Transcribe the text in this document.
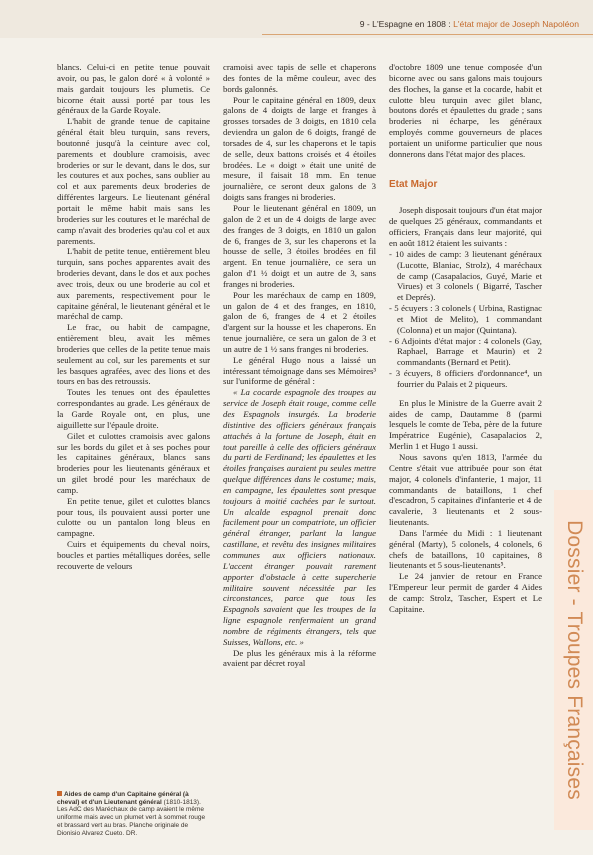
9 - L'Espagne en 1808 : L'état major de Joseph Napoléon
Dossier - Troupes Françaises

blancs. Celui-ci en petite tenue pouvait avoir, ou pas, le galon doré « à volonté » mais gardait toujours les plumetis. Ce bicorne était aussi porté par tous les généraux de la Garde Royale.

L'habit de grande tenue de capitaine général était bleu turquin, sans revers, boutonné jusqu'à la ceinture avec col, parements et doublure cramoisis, avec broderies or sur le devant, dans le dos, sur les coutures et aux poches, sans oublier au col et aux parements deux broderies de différentes largeurs. Le lieutenant général portait le même habit mais sans les broderies sur les coutures et le maréchal de camp n'avait des broderies qu'au col et aux parements.

L'habit de petite tenue, entièrement bleu turquin, sans poches apparentes avait des broderies devant, dans le dos et aux poches avec trois, deux ou une broderie au col et aux parements, respectivement pour le capitaine général, le lieutenant général et le maréchal de camp.

Le frac, ou habit de campagne, entièrement bleu, avait les mêmes broderies que celles de la petite tenue mais seulement au col, sur les parements et sur les basques agrafées, avec des lions et des tours en bas des retroussis.

Toutes les tenues ont des épaulettes correspondantes au grade. Les généraux de la Garde Royale ont, en plus, une aiguillette sur l'épaule droite.

Gilet et culottes cramoisis avec galons sur les bords du gilet et à ses poches pour les capitaines généraux, blancs sans broderies pour les lieutenants généraux et un gilet brodé pour les maréchaux de camp.

En petite tenue, gilet et culottes blancs pour tous, ils pouvaient aussi porter une culotte ou un pantalon long bleus en campagne.

Cuirs et équipements du cheval noirs, boucles et parties métalliques dorées, selle recouverte de velours

Aides de camp d'un Capitaine général (à cheval) et d'un Lieutenant général (1810-1813). Les AdC des Maréchaux de camp avaient le même uniforme mais avec un plumet vert à sommet rouge et brassard vert au bras. Planche originale de Dionisio Alvarez Cueto. DR.

cramoisi avec tapis de selle et chaperons des fontes de la même couleur, avec des bords galonnés.

Pour le capitaine général en 1809, deux galons de 4 doigts de large et franges à grosses torsades de 3 doigts, en 1810 cela deviendra un galon de 6 doigts, frangé de torsades de 4, sur les chaperons et le tapis de selle, deux battons croisés et 4 étoiles brodées. Le « doigt » était une unité de mesure, il faisait 18 mm. En tenue journalière, ce seront deux galons de 3 doigts sans franges ni broderies.

Pour le lieutenant général en 1809, un galon de 2 et un de 4 doigts de large avec des franges de 3 doigts, en 1810 un galon de 6, franges de 3, sur les chaperons et la housse de selle, 3 étoiles brodées en fil argent. En tenue journalière, ce sera un galon d'1 ½ doigt et un autre de 3, sans franges ni broderies.

Pour les maréchaux de camp en 1809, un galon de 4 et des franges, en 1810, galon de 6, franges de 4 et 2 étoiles d'argent sur la housse et les chaperons. En tenue journalière, ce sera un galon de 3 et un autre de 1 ½ sans franges ni broderies.

Le général Hugo nous a laissé un intéressant témoignage dans ses Mémoires³ sur l'uniforme de général :

« La cocarde espagnole des troupes au service de Joseph était rouge, comme celle des Espagnols insurgés. La broderie distintive des officiers généraux français attachés à la fortune de Joseph, était en tout pareille à celle des officiers généraux du parti de Ferdinand; les épaulettes et les étoiles françaises auraient pu seules mettre quelque différences dans le costume; mais, en campagne, les épaulettes sont presque toujours à moitié cachées par le surtout. Un alcalde espagnol prenait donc facilement pour un compatriote, un officier général étranger, parlant la langue castillane, et revêtu des insignes militaires communes aux officiers nationaux. L'accent étranger pouvait rarement apporter d'obstacle à cette supercherie militaire souvent nécessitée par les circonstances, parce que tous les Espagnols savaient que les troupes de la ligne espagnole renfermaient un grand nombre de régiments étrangers, tels que Suisses, Wallons, etc. »

De plus les généraux mis à la réforme avaient par décret royal

d'octobre 1809 une tenue composée d'un bicorne avec ou sans galons mais toujours des floches, la ganse et la cocarde, habit et culotte bleu turquin avec gilet blanc, boutons dorés et épaulettes du grade ; sans broderies ni écharpe, les généraux employés comme gouverneurs de places portaient un uniforme particulier que nous donnerons dans l'état major des places.

Etat Major

Joseph disposait toujours d'un état major de quelques 25 généraux, commandants et officiers, Français dans leur majorité, qui en août 1812 étaient les suivants :

- 10 aides de camp: 3 lieutenant généraux (Lucotte, Blaniac, Strolz), 4 maréchaux de camp (Casapalacios, Guyé, Marie et Virues) et 3 colonels ( Bigarré, Tascher et Deprés).
- 5 écuyers : 3 colonels ( Urbina, Rastignac et Miot de Melito), 1 commandant (Colonna) et un major (Quintana).
- 6 Adjoints d'état major : 4 colonels (Gay, Raphael, Barrage et Maurin) et 2 commandants (Bernard et Petit).
- 3 écuyers, 8 officiers d'ordonnance⁴, un fourrier du Palais et 2 piqueurs.

En plus le Ministre de la Guerre avait 2 aides de camp, Dautamme 8 (parmi lesquels le comte de Teba, père de la future Impératrice Eugénie), Casapalacios 2, Merlin 1 et Hugo 1 aussi.

Nous savons qu'en 1813, l'armée du Centre s'était vue attribuée pour son état major, 4 colonels d'infanterie, 1 major, 11 commandants de bataillons, 1 chef d'escadron, 5 capitaines d'infanterie et 4 de cavalerie, 3 lieutenants et 2 sous-lieutenants.

Dans l'armée du Midi : 1 lieutenant général (Marty), 5 colonels, 4 colonels, 6 chefs de bataillons, 10 capitaines, 8 lieutenants et 5 sous-lieutenants⁵.

Le 24 janvier de retour en France l'Empereur leur permit de garder 4 Aides de camp: Strolz, Tascher, Espert et Le Capitaine.
